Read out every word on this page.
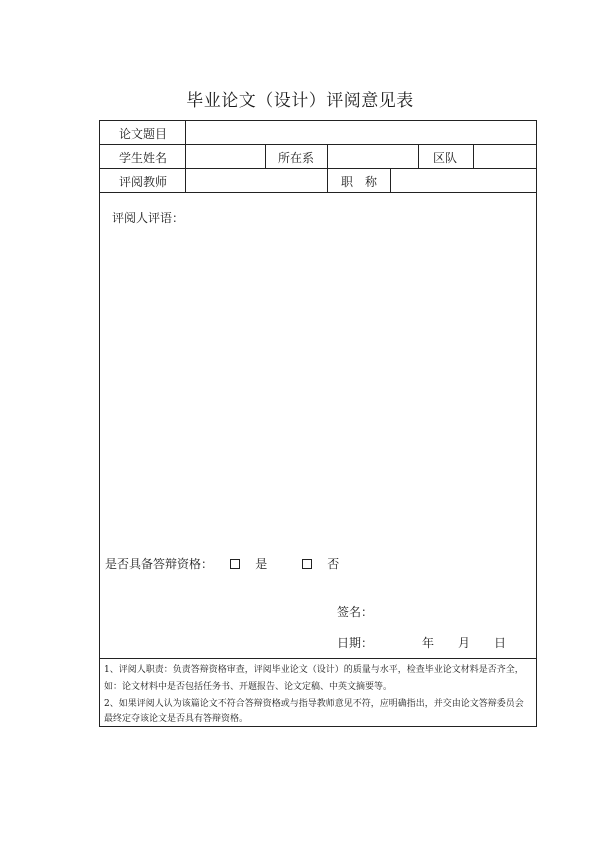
毕业论文（设计）评阅意见表
论文题目
学生姓名	所在系	区队
评阅教师	职　称
评阅人评语：
是否具备答辩资格：	是	否
签名：
日期：	年 月 日
1、评阅人职责：负责答辩资格审查，评阅毕业论文（设计）的质量与水平，检查毕业论文材料是否齐全，
如：论文材料中是否包括任务书、开题报告、论文定稿、中英文摘要等。
2、如果评阅人认为该篇论文不符合答辩资格或与指导教师意见不符，应明确指出，并交由论文答辩委员会
最终定夺该论文是否具有答辩资格。
